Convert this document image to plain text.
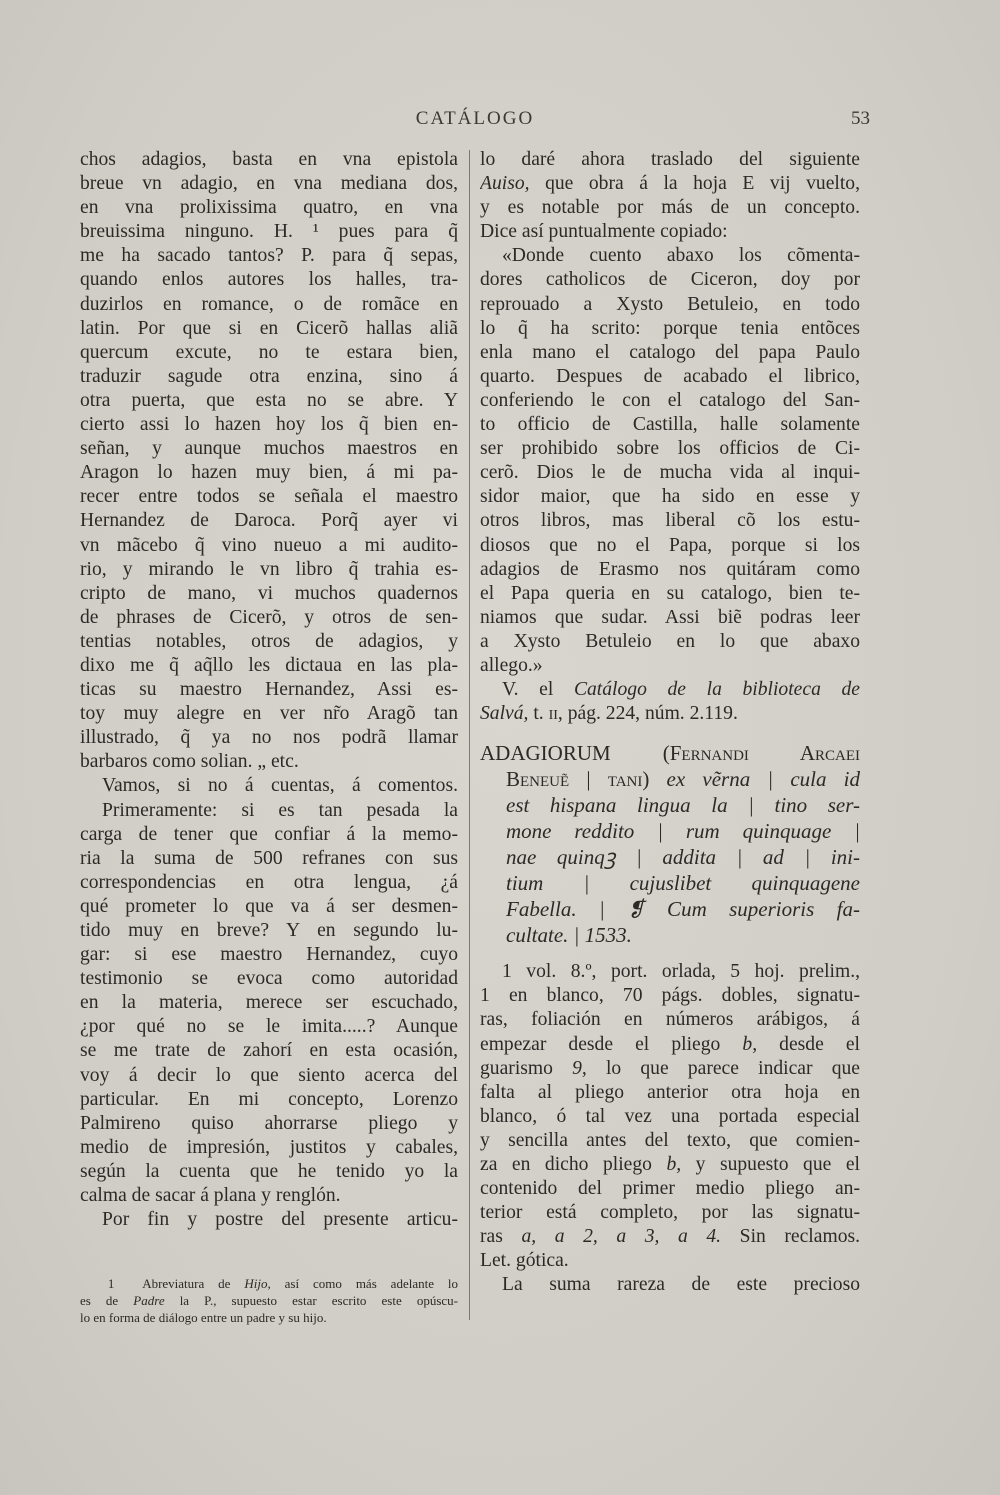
CATÁLOGO	53
chos adagios, basta en vna epistola
breue vn adagio, en vna mediana dos,
en vna prolixissima quatro, en vna
breuissima ninguno. H. ¹ pues para q̃
me ha sacado tantos? P. para q̃ sepas,
quando enlos autores los halles, tra-
duzirlos en romance, o de romãce en
latin. Por que si en Cicerõ hallas aliã
quercum excute, no te estara bien,
traduzir sagude otra enzina, sino á
otra puerta, que esta no se abre. Y
cierto assi lo hazen hoy los q̃ bien en-
señan, y aunque muchos maestros en
Aragon lo hazen muy bien, á mi pa-
recer entre todos se señala el maestro
Hernandez de Daroca. Porq̃ ayer vi
vn mãcebo q̃ vino nueuo a mi audito-
rio, y mirando le vn libro q̃ trahia es-
cripto de mano, vi muchos quadernos
de phrases de Cicerõ, y otros de sen-
tentias notables, otros de adagios, y
dixo me q̃ aq̃llo les dictaua en las pla-
ticas su maestro Hernandez, Assi es-
toy muy alegre en ver nr̃o Aragõ tan
illustrado, q̃ ya no nos podrã llamar
barbaros como solian. „ etc.
Vamos, si no á cuentas, á comentos.
Primeramente: si es tan pesada la
carga de tener que confiar á la memo-
ria la suma de 500 refranes con sus
correspondencias en otra lengua, ¿á
qué prometer lo que va á ser desmen-
tido muy en breve? Y en segundo lu-
gar: si ese maestro Hernandez, cuyo
testimonio se evoca como autoridad
en la materia, merece ser escuchado,
¿por qué no se le imita.....? Aunque
se me trate de zahorí en esta ocasión,
voy á decir lo que siento acerca del
particular. En mi concepto, Lorenzo
Palmireno quiso ahorrarse pliego y
medio de impresión, justitos y cabales,
según la cuenta que he tenido yo la
calma de sacar á plana y renglón.
Por fin y postre del presente articu-
1 Abreviatura de Hijo, así como más adelante lo
es de Padre la P., supuesto estar escrito este opúscu-
lo en forma de diálogo entre un padre y su hijo.
lo daré ahora traslado del siguiente
Auiso, que obra á la hoja E vij vuelto,
y es notable por más de un concepto.
Dice así puntualmente copiado:
«Donde cuento abaxo los cõmenta-
dores catholicos de Ciceron, doy por
reprouado a Xysto Betuleio, en todo
lo q̃ ha scrito: porque tenia entõces
enla mano el catalogo del papa Paulo
quarto. Despues de acabado el librico,
conferiendo le con el catalogo del San-
to officio de Castilla, halle solamente
ser prohibido sobre los officios de Ci-
cerõ. Dios le de mucha vida al inqui-
sidor maior, que ha sido en esse y
otros libros, mas liberal cõ los estu-
diosos que no el Papa, porque si los
adagios de Erasmo nos quitáram como
el Papa queria en su catalogo, bien te-
niamos que sudar. Assi biẽ podras leer
a Xysto Betuleio en lo que abaxo
allego.»
V. el Catálogo de la biblioteca de
Salvá, t. ii, pág. 224, núm. 2.119.
ADAGIORUM (Fernandi Arcaei
Beneuẽ | tani) ex vẽrna | cula id
est hispana lingua la | tino ser-
mone reddito | rum quinquage |
nae quinqꝫ | addita | ad | ini-
tium | cujuslibet quinquagene
Fabella. | ❡ Cum superioris fa-
cultate. | 1533.
1 vol. 8.º, port. orlada, 5 hoj. prelim.,
1 en blanco, 70 págs. dobles, signatu-
ras, foliación en números arábigos, á
empezar desde el pliego b, desde el
guarismo 9, lo que parece indicar que
falta al pliego anterior otra hoja en
blanco, ó tal vez una portada especial
y sencilla antes del texto, que comien-
za en dicho pliego b, y supuesto que el
contenido del primer medio pliego an-
terior está completo, por las signatu-
ras a, a 2, a 3, a 4. Sin reclamos.
Let. gótica.
La suma rareza de este precioso
